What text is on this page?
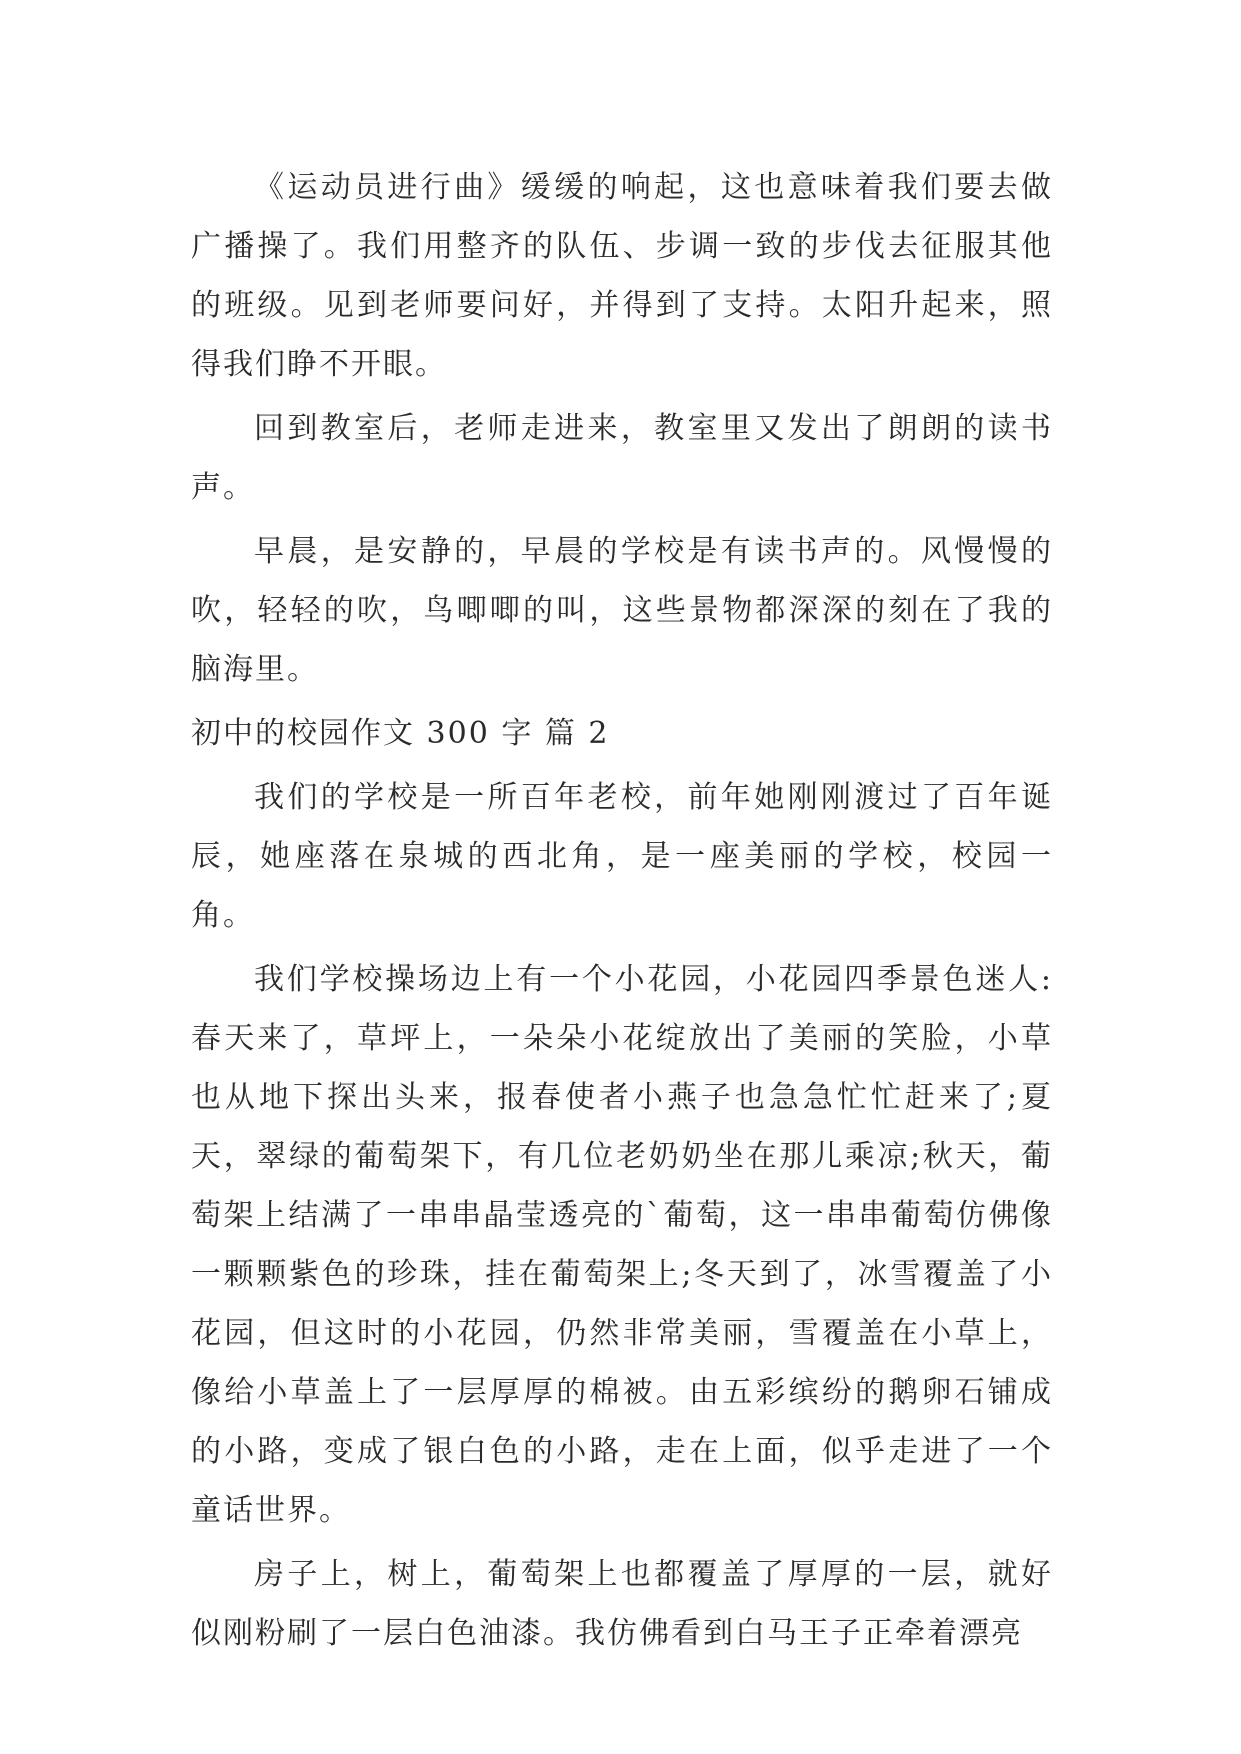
《运动员进行曲》缓缓的响起，这也意味着我们要去做广播操了。我们用整齐的队伍、步调一致的步伐去征服其他的班级。见到老师要问好，并得到了支持。太阳升起来，照得我们睁不开眼。

回到教室后，老师走进来，教室里又发出了朗朗的读书声。

早晨，是安静的，早晨的学校是有读书声的。风慢慢的吹，轻轻的吹，鸟唧唧的叫，这些景物都深深的刻在了我的脑海里。

初中的校园作文 300 字 篇 2

我们的学校是一所百年老校，前年她刚刚渡过了百年诞辰，她座落在泉城的西北角，是一座美丽的学校，校园一角。

我们学校操场边上有一个小花园，小花园四季景色迷人:春天来了，草坪上，一朵朵小花绽放出了美丽的笑脸，小草也从地下探出头来，报春使者小燕子也急急忙忙赶来了;夏天，翠绿的葡萄架下，有几位老奶奶坐在那儿乘凉;秋天，葡萄架上结满了一串串晶莹透亮的`葡萄，这一串串葡萄仿佛像一颗颗紫色的珍珠，挂在葡萄架上;冬天到了，冰雪覆盖了小花园，但这时的小花园，仍然非常美丽，雪覆盖在小草上，像给小草盖上了一层厚厚的棉被。由五彩缤纷的鹅卵石铺成的小路，变成了银白色的小路，走在上面，似乎走进了一个童话世界。

房子上，树上，葡萄架上也都覆盖了厚厚的一层，就好似刚粉刷了一层白色油漆。我仿佛看到白马王子正牵着漂亮
